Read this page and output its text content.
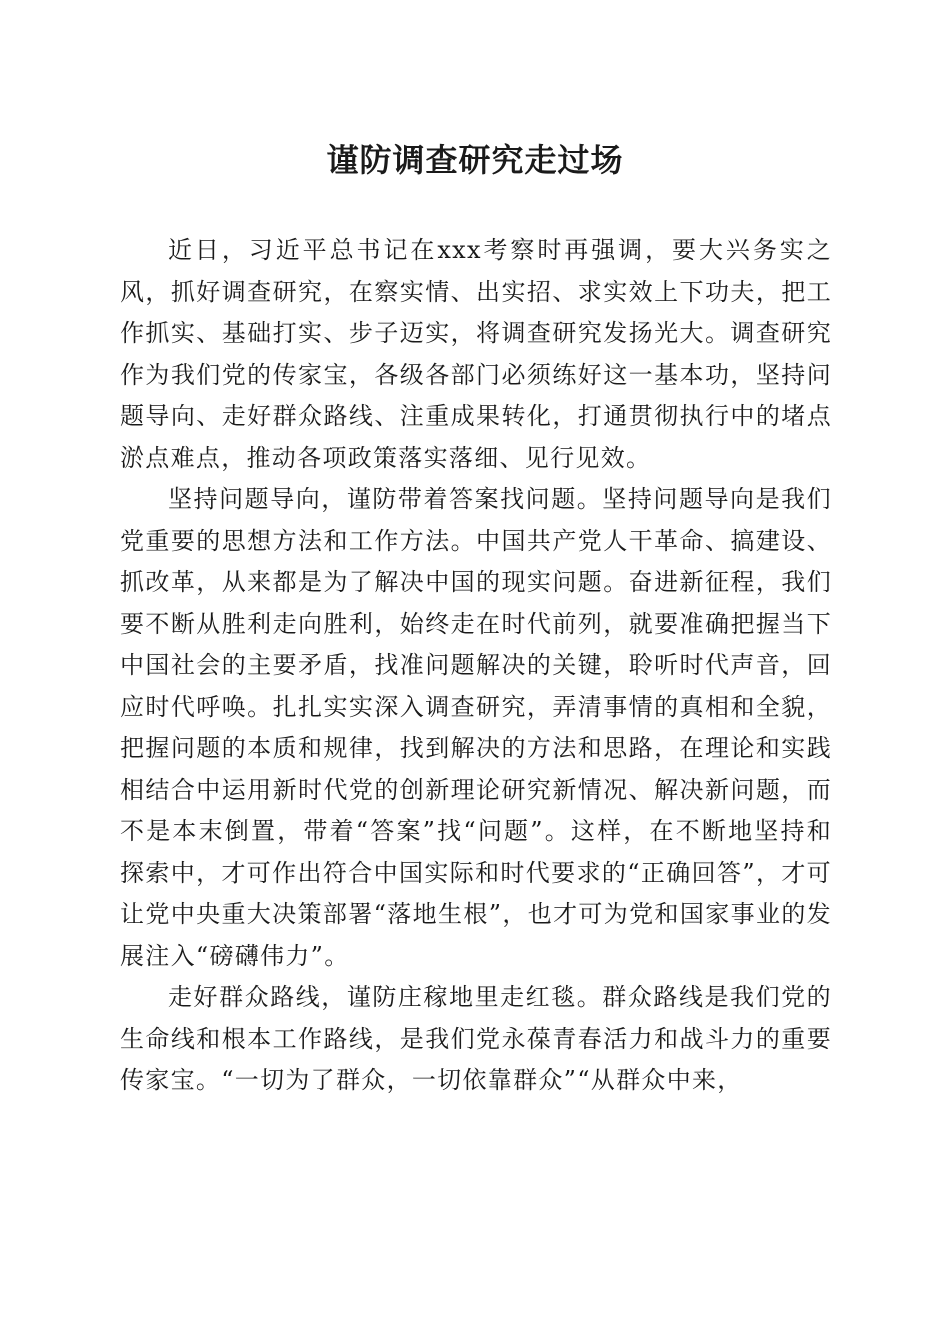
谨防调查研究走过场

近日，习近平总书记在xxx考察时再强调，要大兴务实之风，抓好调查研究，在察实情、出实招、求实效上下功夫，把工作抓实、基础打实、步子迈实，将调查研究发扬光大。调查研究作为我们党的传家宝，各级各部门必须练好这一基本功，坚持问题导向、走好群众路线、注重成果转化，打通贯彻执行中的堵点淤点难点，推动各项政策落实落细、见行见效。

坚持问题导向，谨防带着答案找问题。坚持问题导向是我们党重要的思想方法和工作方法。中国共产党人干革命、搞建设、抓改革，从来都是为了解决中国的现实问题。奋进新征程，我们要不断从胜利走向胜利，始终走在时代前列，就要准确把握当下中国社会的主要矛盾，找准问题解决的关键，聆听时代声音，回应时代呼唤。扎扎实实深入调查研究，弄清事情的真相和全貌，把握问题的本质和规律，找到解决的方法和思路，在理论和实践相结合中运用新时代党的创新理论研究新情况、解决新问题，而不是本末倒置，带着“答案”找“问题”。这样，在不断地坚持和探索中，才可作出符合中国实际和时代要求的“正确回答”，才可让党中央重大决策部署“落地生根”，也才可为党和国家事业的发展注入“磅礴伟力”。

走好群众路线，谨防庄稼地里走红毯。群众路线是我们党的生命线和根本工作路线，是我们党永葆青春活力和战斗力的重要传家宝。“一切为了群众，一切依靠群众”“从群众中来，
